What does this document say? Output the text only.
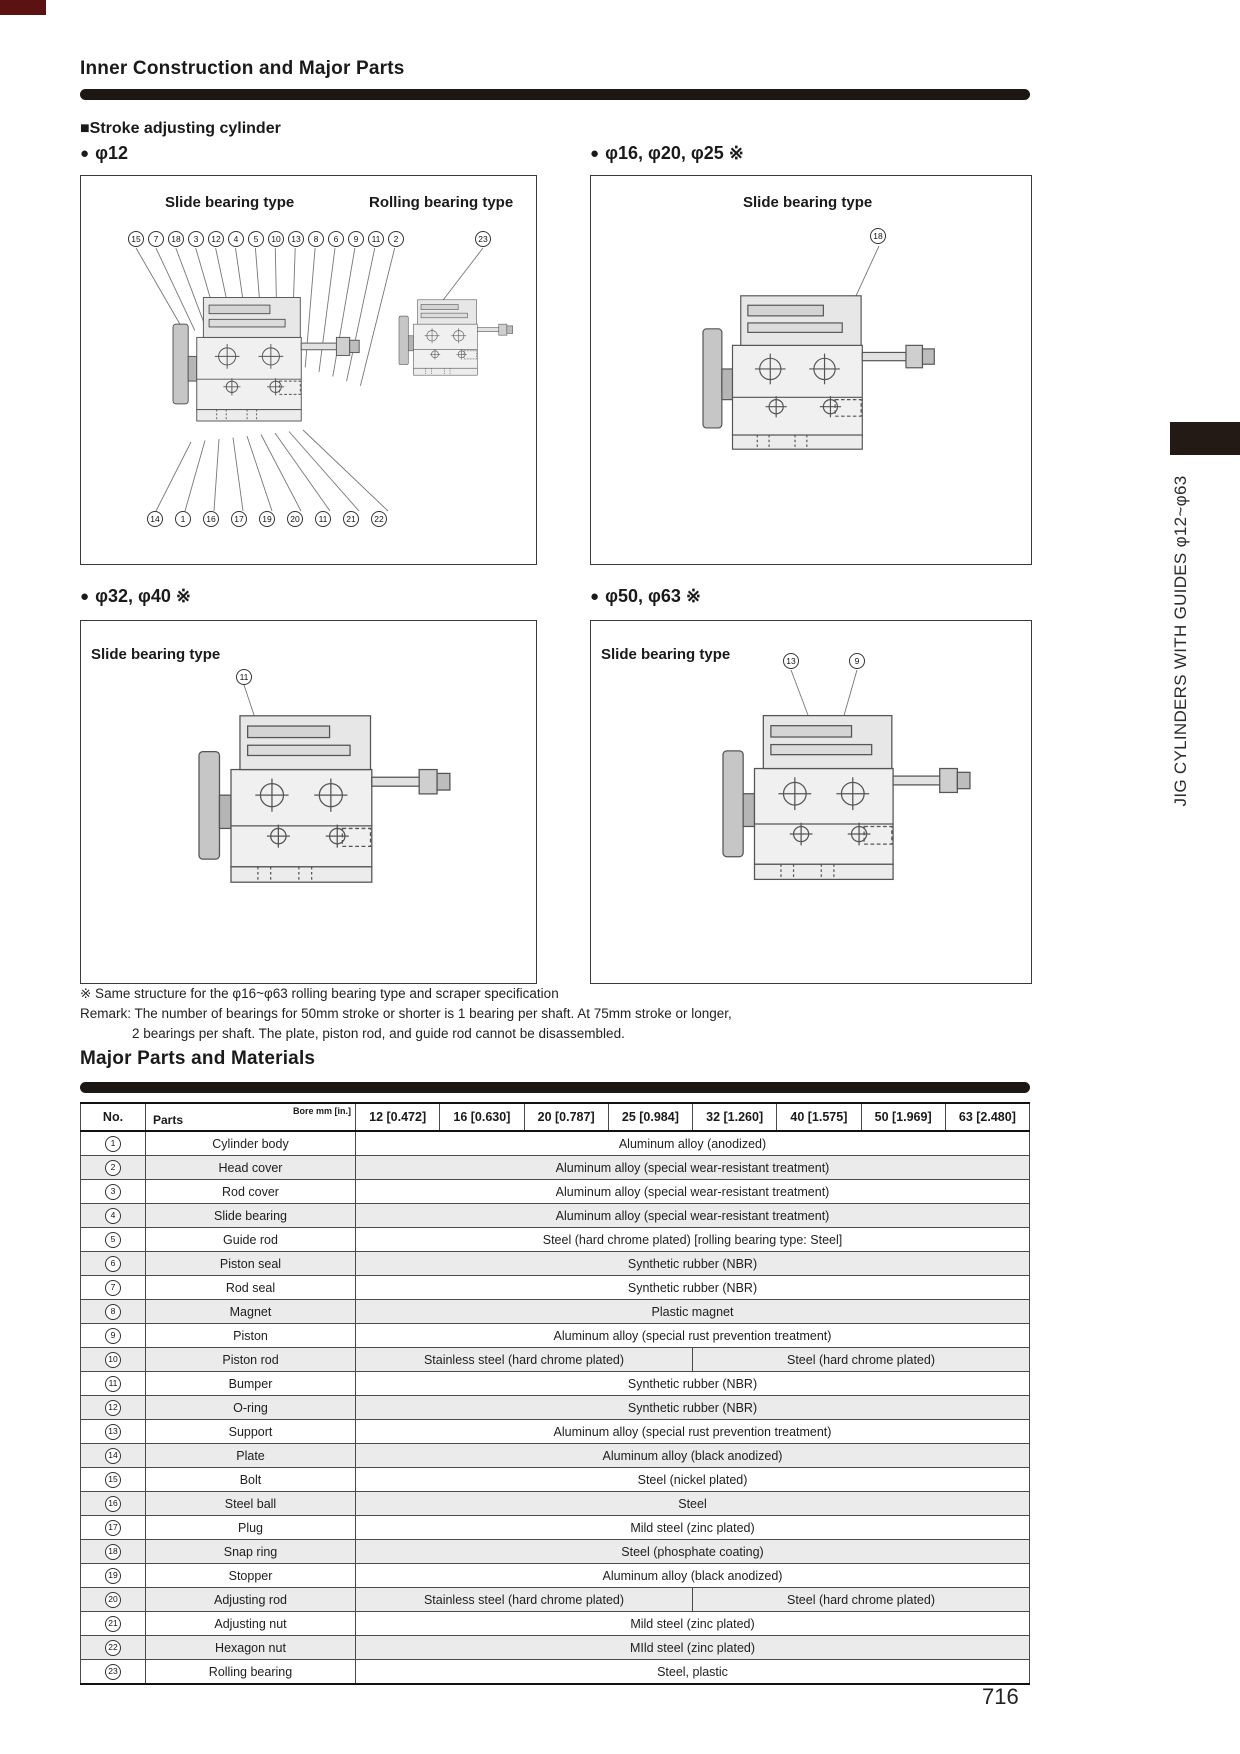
Inner Construction and Major Parts
■Stroke adjusting cylinder
● φ12	● φ16, φ20, φ25 ※
Slide bearing type	Rolling bearing type
15	7	18	3	12	4	5	10	13	8	6	9	11	2	23
14	1	16	17	19	20	11	21	22
Slide bearing type
18
● φ32, φ40 ※	● φ50, φ63 ※
Slide bearing type
11
Slide bearing type	13	9
※ Same structure for the φ16~φ63 rolling bearing type and scraper specification
Remark: The number of bearings for 50mm stroke or shorter is 1 bearing per shaft. At 75mm stroke or longer,
2 bearings per shaft. The plate, piston rod, and guide rod cannot be disassembled.
Major Parts and Materials
No.	Parts
Bore mm [in.]	12 [0.472]	16 [0.630]	20 [0.787]	25 [0.984]	32 [1.260]	40 [1.575]	50 [1.969]	63 [2.480]
1	Cylinder body	Aluminum alloy (anodized)							
2	Head cover	Aluminum alloy (special wear-resistant treatment)							
3	Rod cover	Aluminum alloy (special wear-resistant treatment)							
4	Slide bearing	Aluminum alloy (special wear-resistant treatment)							
5	Guide rod	Steel (hard chrome plated) [rolling bearing type: Steel]							
6	Piston seal	Synthetic rubber (NBR)							
7	Rod seal	Synthetic rubber (NBR)							
8	Magnet	Plastic magnet							
9	Piston	Aluminum alloy (special rust prevention treatment)							
10	Piston rod	Stainless steel (hard chrome plated)				Steel (hard chrome plated)			
11	Bumper	Synthetic rubber (NBR)							
12	O-ring	Synthetic rubber (NBR)							
13	Support	Aluminum alloy (special rust prevention treatment)							
14	Plate	Aluminum alloy (black anodized)							
15	Bolt	Steel (nickel plated)							
16	Steel ball	Steel							
17	Plug	Mild steel (zinc plated)							
18	Snap ring	Steel (phosphate coating)							
19	Stopper	Aluminum alloy (black anodized)							
20	Adjusting rod	Stainless steel (hard chrome plated)				Steel (hard chrome plated)			
21	Adjusting nut	Mild steel (zinc plated)							
22	Hexagon nut	MIld steel (zinc plated)							
23	Rolling bearing	Steel, plastic							
JIG CYLINDERS WITH GUIDES φ12~φ63
716
